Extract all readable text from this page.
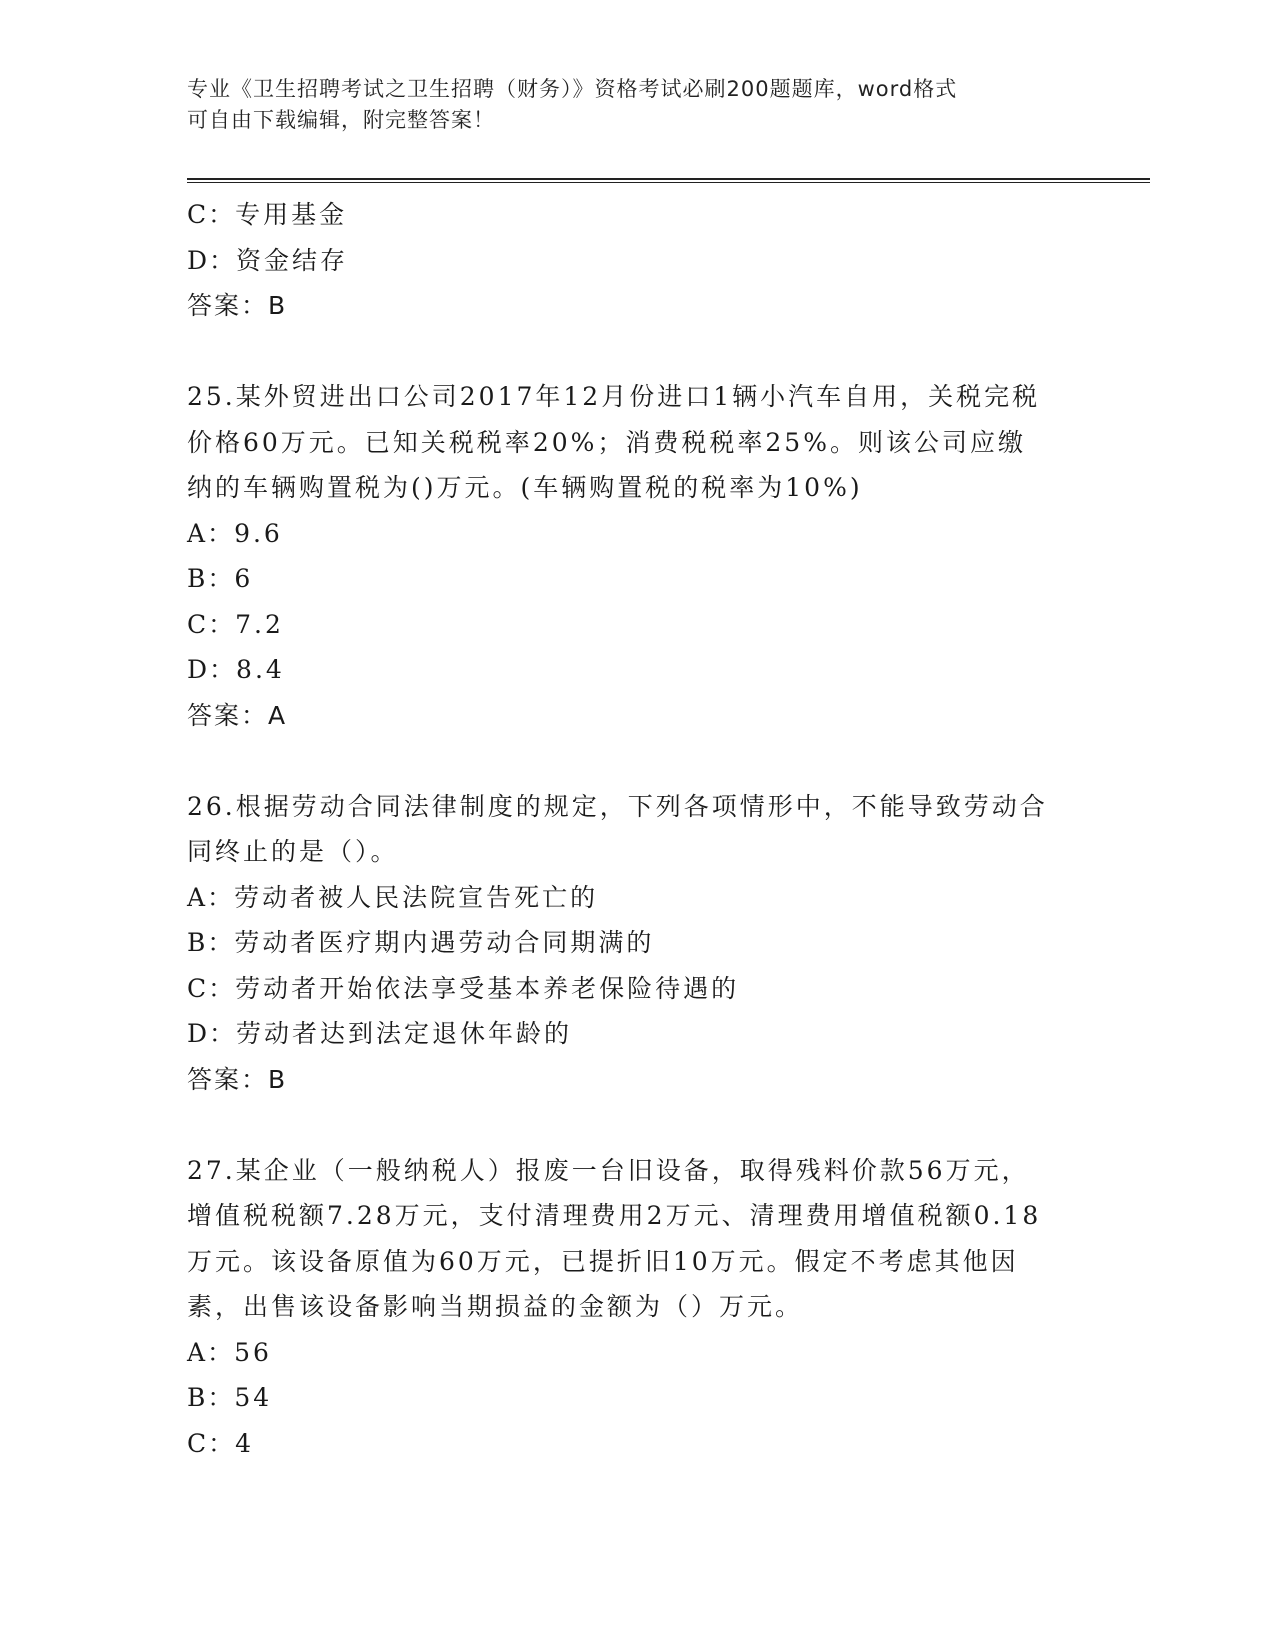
专业《卫生招聘考试之卫生招聘（财务）》资格考试必刷200题题库，word格式
可自由下载编辑，附完整答案！
C：专用基金
D：资金结存
答案：B
25.某外贸进出口公司2017年12月份进口1辆小汽车自用，关税完税
价格60万元。已知关税税率20%；消费税税率25%。则该公司应缴
纳的车辆购置税为()万元。(车辆购置税的税率为10%)
A：9.6
B：6
C：7.2
D：8.4
答案：A
26.根据劳动合同法律制度的规定，下列各项情形中，不能导致劳动合
同终止的是（）。
A：劳动者被人民法院宣告死亡的
B：劳动者医疗期内遇劳动合同期满的
C：劳动者开始依法享受基本养老保险待遇的
D：劳动者达到法定退休年龄的
答案：B
27.某企业（一般纳税人）报废一台旧设备，取得残料价款56万元，
增值税税额7.28万元，支付清理费用2万元、清理费用增值税额0.18
万元。该设备原值为60万元，已提折旧10万元。假定不考虑其他因
素，出售该设备影响当期损益的金额为（）万元。
A：56
B：54
C：4
